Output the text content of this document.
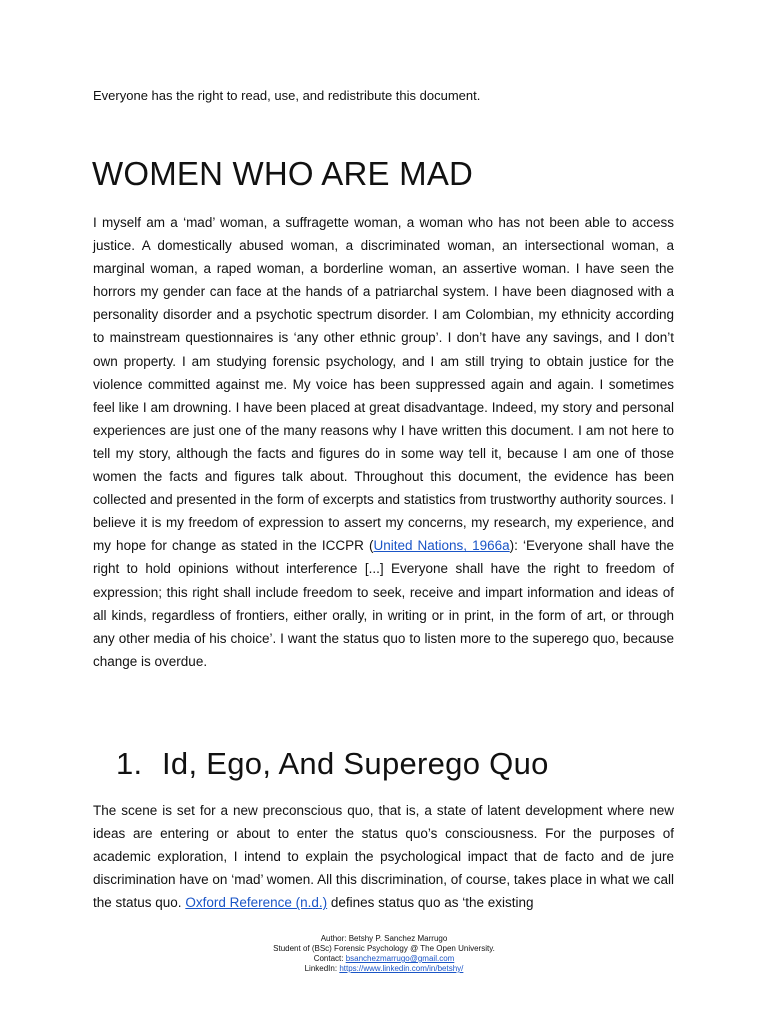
Everyone has the right to read, use, and redistribute this document.
WOMEN WHO ARE MAD

I myself am a ‘mad’ woman, a suffragette woman, a woman who has not been able to access justice. A domestically abused woman, a discriminated woman, an intersectional woman, a marginal woman, a raped woman, a borderline woman, an assertive woman. I have seen the horrors my gender can face at the hands of a patriarchal system. I have been diagnosed with a personality disorder and a psychotic spectrum disorder. I am Colombian, my ethnicity according to mainstream questionnaires is ‘any other ethnic group’. I don’t have any savings, and I don’t own property. I am studying forensic psychology, and I am still trying to obtain justice for the violence committed against me. My voice has been suppressed again and again. I sometimes feel like I am drowning. I have been placed at great disadvantage. Indeed, my story and personal experiences are just one of the many reasons why I have written this document. I am not here to tell my story, although the facts and figures do in some way tell it, because I am one of those women the facts and figures talk about. Throughout this document, the evidence has been collected and presented in the form of excerpts and statistics from trustworthy authority sources. I believe it is my freedom of expression to assert my concerns, my research, my experience, and my hope for change as stated in the ICCPR (United Nations, 1966a): ‘Everyone shall have the right to hold opinions without interference [...] Everyone shall have the right to freedom of expression; this right shall include freedom to seek, receive and impart information and ideas of all kinds, regardless of frontiers, either orally, in writing or in print, in the form of art, or through any other media of his choice’. I want the status quo to listen more to the superego quo, because change is overdue.

1. Id, Ego, And Superego Quo

The scene is set for a new preconscious quo, that is, a state of latent development where new ideas are entering or about to enter the status quo’s consciousness. For the purposes of academic exploration, I intend to explain the psychological impact that de facto and de jure discrimination have on ‘mad’ women. All this discrimination, of course, takes place in what we call the status quo. Oxford Reference (n.d.) defines status quo as ‘the existing

Author: Betshy P. Sanchez Marrugo
Student of (BSc) Forensic Psychology @ The Open University.
Contact: bsanchezmarrugo@gmail.com
LinkedIn: https://www.linkedin.com/in/betshy/
